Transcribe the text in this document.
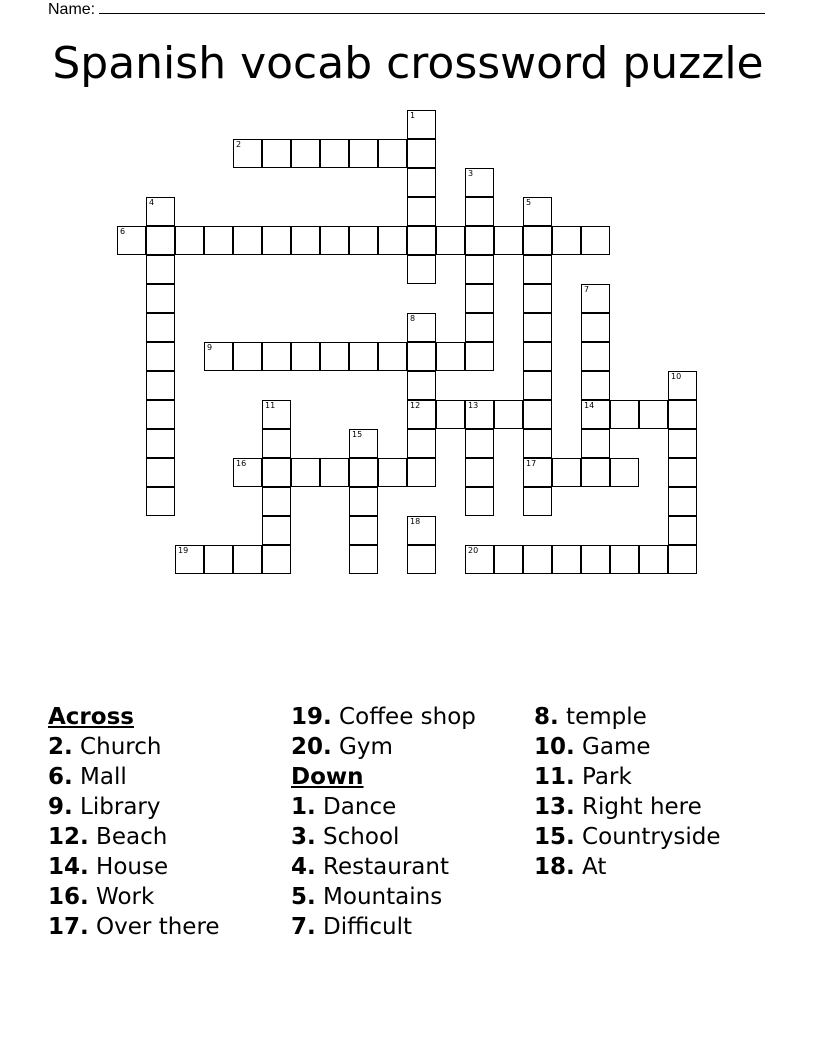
Name:
Spanish vocab crossword puzzle
1
2
3
4	5
17
6
7
14
8
12
9
10
11	13
15
16
18
19	20
Across
2. Church
6. Mall
9. Library
12. Beach
14. House
16. Work
17. Over there
19. Coffee shop
20. Gym
Down
1. Dance
3. School
4. Restaurant
5. Mountains
7. Difficult
8. temple
10. Game
11. Park
13. Right here
15. Countryside
18. At
